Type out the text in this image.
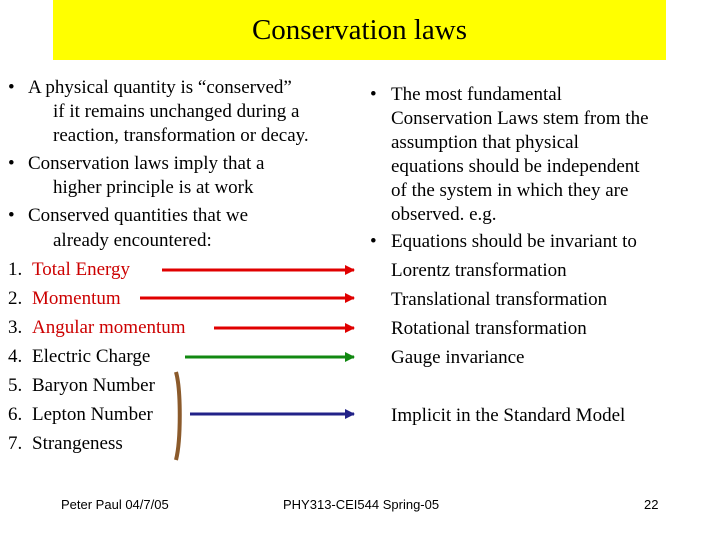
Conservation laws
• A physical quantity is “conserved”
if it remains unchanged during a
reaction, transformation or decay.
• Conservation laws imply that a
higher principle is at work
• Conserved quantities that we
already encountered:
1. Total Energy
2. Momentum
3. Angular momentum
4. Electric Charge
5. Baryon Number
6. Lepton Number
7. Strangeness
• The most fundamental
Conservation Laws stem from the
assumption that physical
equations should be independent
of the system in which they are
observed. e.g.
• Equations should be invariant to
Lorentz transformation
Translational transformation
Rotational transformation
Gauge invariance
Implicit in the Standard Model
Peter Paul 04/7/05	PHY313-CEI544 Spring-05	22
